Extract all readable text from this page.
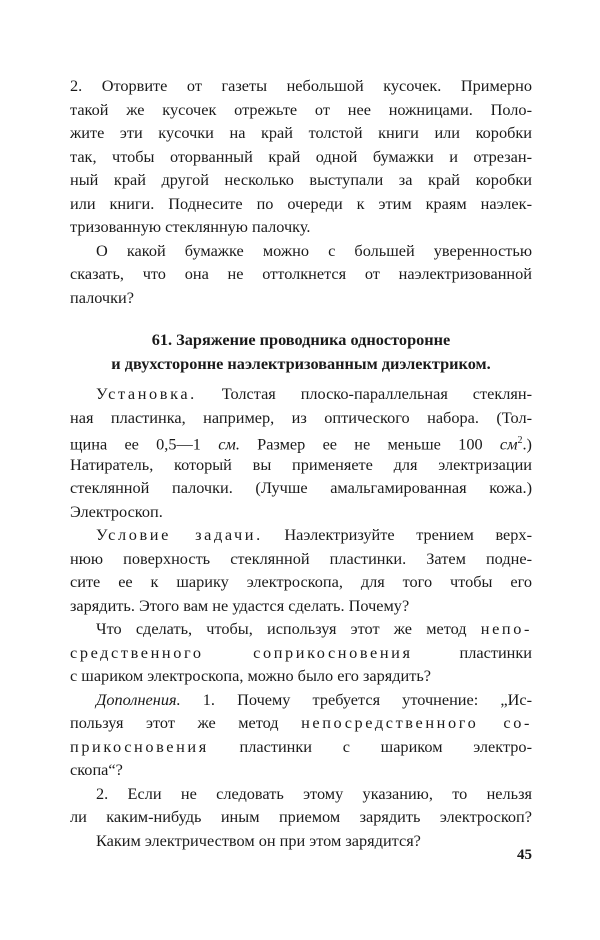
2. Оторвите от газеты небольшой кусочек. Примерно
такой же кусочек отрежьте от нее ножницами. Поло-
жите эти кусочки на край толстой книги или коробки
так, чтобы оторванный край одной бумажки и отрезан-
ный край другой несколько выступали за край коробки
или книги. Поднесите по очереди к этим краям наэлек-
тризованную стеклянную палочку.
О какой бумажке можно с большей уверенностью
сказать, что она не оттолкнется от наэлектризованной
палочки?
61. Заряжение проводника односторонне
и двухсторонне наэлектризованным диэлектриком.
Установка. Толстая плоско-параллельная стеклян-
ная пластинка, например, из оптического набора. (Тол-
щина ее 0,5—1 см. Размер ее не меньше 100 $см^2$.)
Натиратель, который вы применяете для электризации
стеклянной палочки. (Лучше амальгамированная кожа.)
Электроскоп.
Условие задачи. Наэлектризуйте трением верх-
нюю поверхность стеклянной пластинки. Затем подне-
сите ее к шарику электроскопа, для того чтобы его
зарядить. Этого вам не удастся сделать. Почему?
Что сделать, чтобы, используя этот же метод непо-
средственного соприкосновения пластинки
с шариком электроскопа, можно было его зарядить?
Дополнения. 1. Почему требуется уточнение: „Ис-
пользуя этот же метод непосредственного со-
прикосновения пластинки с шариком электро-
скопа“?
2. Если не следовать этому указанию, то нельзя
ли каким-нибудь иным приемом зарядить электроскоп?
Каким электричеством он при этом зарядится?
45
